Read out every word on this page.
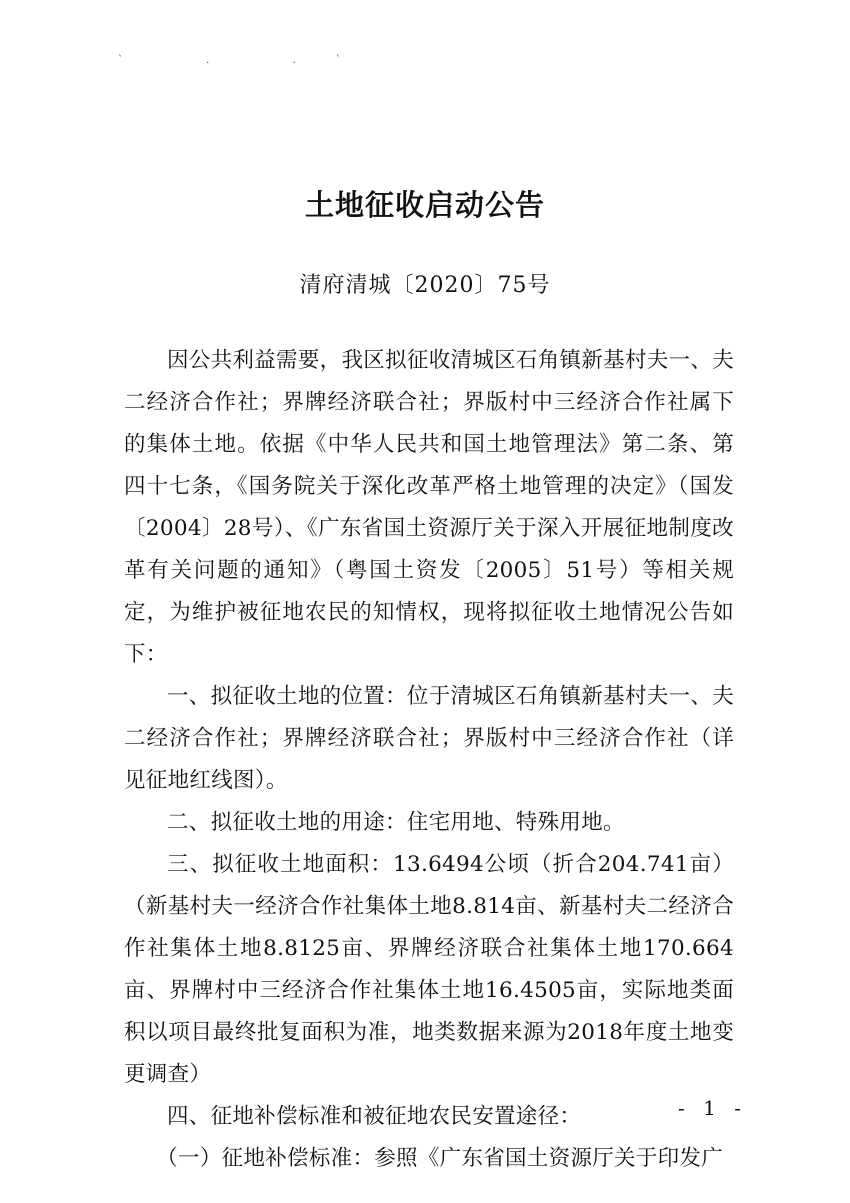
` . .`
土地征收启动公告
清府清城〔2020〕75号

因公共利益需要，我区拟征收清城区石角镇新基村夫一、夫二经济合作社；界牌经济联合社；界版村中三经济合作社属下的集体土地。依据《中华人民共和国土地管理法》第二条、第四十七条，《国务院关于深化改革严格土地管理的决定》（国发〔2004〕28号）、《广东省国土资源厅关于深入开展征地制度改革有关问题的通知》（粤国土资发〔2005〕51号）等相关规定，为维护被征地农民的知情权，现将拟征收土地情况公告如下：

一、拟征收土地的位置：位于清城区石角镇新基村夫一、夫二经济合作社；界牌经济联合社；界版村中三经济合作社（详见征地红线图）。

二、拟征收土地的用途：住宅用地、特殊用地。

三、拟征收土地面积：13.6494公顷（折合204.741亩）（新基村夫一经济合作社集体土地8.814亩、新基村夫二经济合作社集体土地8.8125亩、界牌经济联合社集体土地170.664亩、界牌村中三经济合作社集体土地16.4505亩，实际地类面积以项目最终批复面积为准，地类数据来源为2018年度土地变更调查）

四、征地补偿标准和被征地农民安置途径：

（一）征地补偿标准：参照《广东省国土资源厅关于印发广

- 1 -
